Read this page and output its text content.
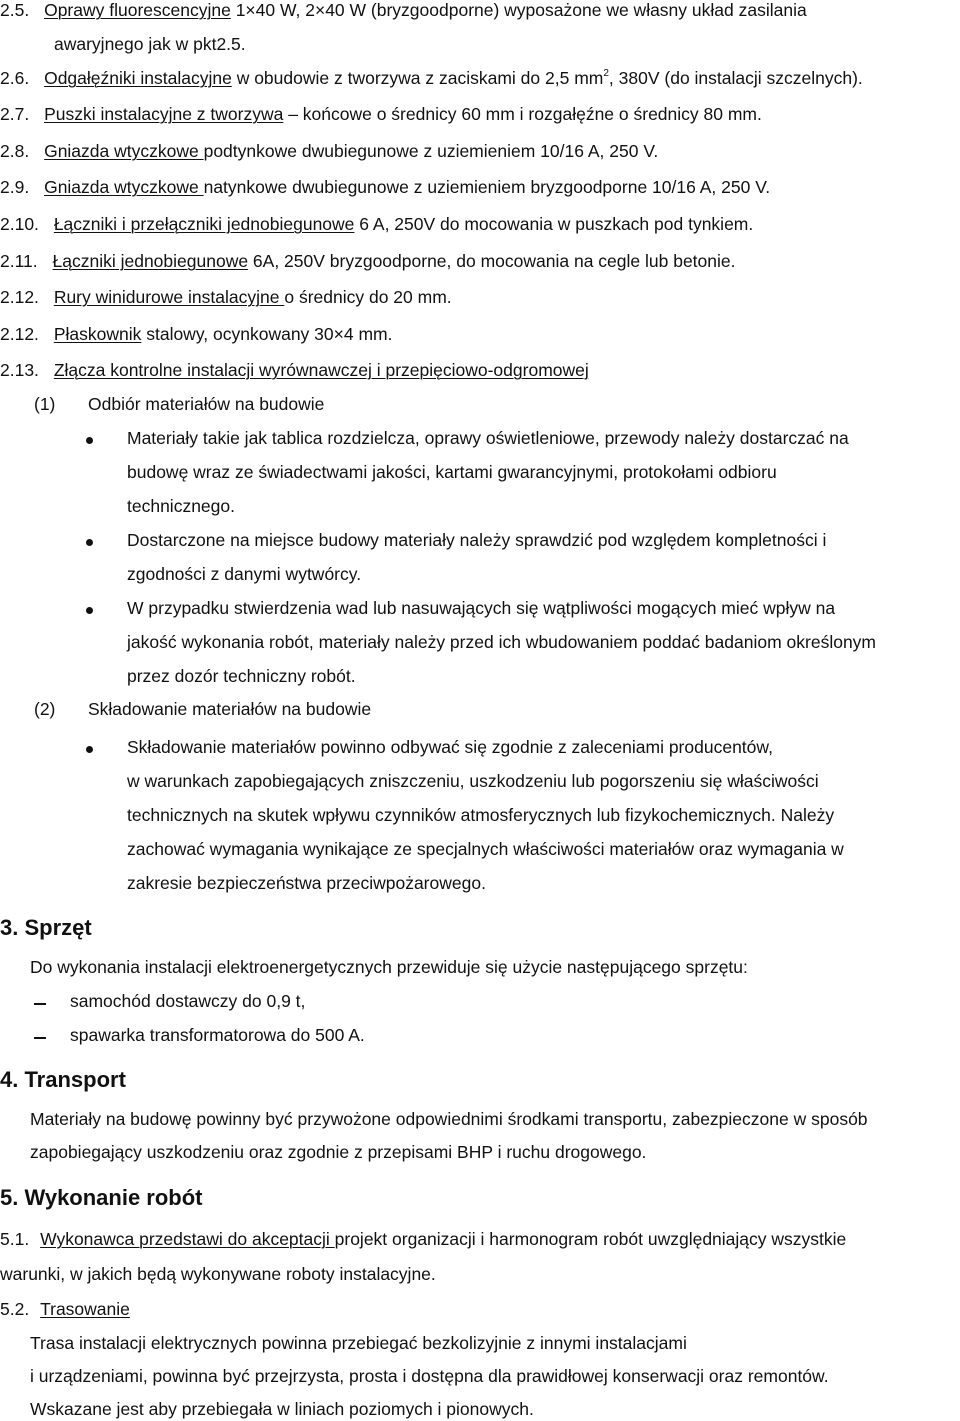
2.5. Oprawy fluorescencyjne 1×40 W, 2×40 W (bryzgoodporne) wyposażone we własny układ zasilania
awaryjnego jak w pkt2.5.
2.6. Odgałęźniki instalacyjne w obudowie z tworzywa z zaciskami do 2,5 $mm^2$, 380V (do instalacji szczelnych).
2.7. Puszki instalacyjne z tworzywa – końcowe o średnicy 60 mm i rozgałęźne o średnicy 80 mm.
2.8. Gniazda wtyczkowe podtynkowe dwubiegunowe z uziemieniem 10/16 A, 250 V.
2.9. Gniazda wtyczkowe natynkowe dwubiegunowe z uziemieniem bryzgoodporne 10/16 A, 250 V.
2.10. Łączniki i przełączniki jednobiegunowe 6 A, 250V do mocowania w puszkach pod tynkiem.
2.11. Łączniki jednobiegunowe 6A, 250V bryzgoodporne, do mocowania na cegle lub betonie.
2.12. Rury winidurowe instalacyjne o średnicy do 20 mm.
2.12. Płaskownik stalowy, ocynkowany 30×4 mm.
2.13. Złącza kontrolne instalacji wyrównawczej i przepięciowo-odgromowej
(1) Odbiór materiałów na budowie
Materiały takie jak tablica rozdzielcza, oprawy oświetleniowe, przewody należy dostarczać na
budowę wraz ze świadectwami jakości, kartami gwarancyjnymi, protokołami odbioru
technicznego.
Dostarczone na miejsce budowy materiały należy sprawdzić pod względem kompletności i
zgodności z danymi wytwórcy.
W przypadku stwierdzenia wad lub nasuwających się wątpliwości mogących mieć wpływ na
jakość wykonania robót, materiały należy przed ich wbudowaniem poddać badaniom określonym
przez dozór techniczny robót.
(2) Składowanie materiałów na budowie
Składowanie materiałów powinno odbywać się zgodnie z zaleceniami producentów,
w warunkach zapobiegających zniszczeniu, uszkodzeniu lub pogorszeniu się właściwości
technicznych na skutek wpływu czynników atmosferycznych lub fizykochemicznych. Należy
zachować wymagania wynikające ze specjalnych właściwości materiałów oraz wymagania w
zakresie bezpieczeństwa przeciwpożarowego.
3. Sprzęt
Do wykonania instalacji elektroenergetycznych przewiduje się użycie następującego sprzętu:
samochód dostawczy do 0,9 t,
spawarka transformatorowa do 500 A.
4. Transport
Materiały na budowę powinny być przywożone odpowiednimi środkami transportu, zabezpieczone w sposób
zapobiegający uszkodzeniu oraz zgodnie z przepisami BHP i ruchu drogowego.
5. Wykonanie robót
5.1. Wykonawca przedstawi do akceptacji projekt organizacji i harmonogram robót uwzględniający wszystkie
warunki, w jakich będą wykonywane roboty instalacyjne.
5.2. Trasowanie
Trasa instalacji elektrycznych powinna przebiegać bezkolizyjnie z innymi instalacjami
i urządzeniami, powinna być przejrzysta, prosta i dostępna dla prawidłowej konserwacji oraz remontów.
Wskazane jest aby przebiegała w liniach poziomych i pionowych.
